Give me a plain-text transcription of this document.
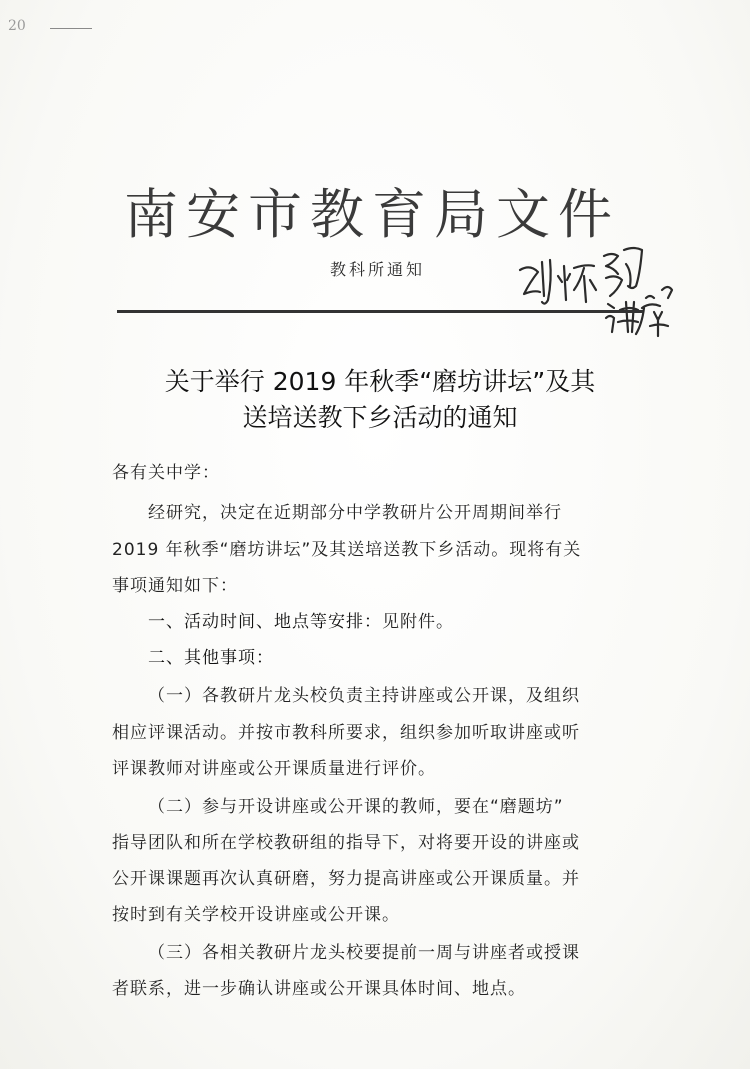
20
南安市教育局文件
教科所通知
关于举行 2019 年秋季“磨坊讲坛”及其
送培送教下乡活动的通知
各有关中学：
经研究，决定在近期部分中学教研片公开周期间举行
2019 年秋季“磨坊讲坛”及其送培送教下乡活动。现将有关
事项通知如下：
一、活动时间、地点等安排：见附件。
二、其他事项：
（一）各教研片龙头校负责主持讲座或公开课，及组织
相应评课活动。并按市教科所要求，组织参加听取讲座或听
评课教师对讲座或公开课质量进行评价。
（二）参与开设讲座或公开课的教师，要在“磨题坊”
指导团队和所在学校教研组的指导下，对将要开设的讲座或
公开课课题再次认真研磨，努力提高讲座或公开课质量。并
按时到有关学校开设讲座或公开课。
（三）各相关教研片龙头校要提前一周与讲座者或授课
者联系，进一步确认讲座或公开课具体时间、地点。
